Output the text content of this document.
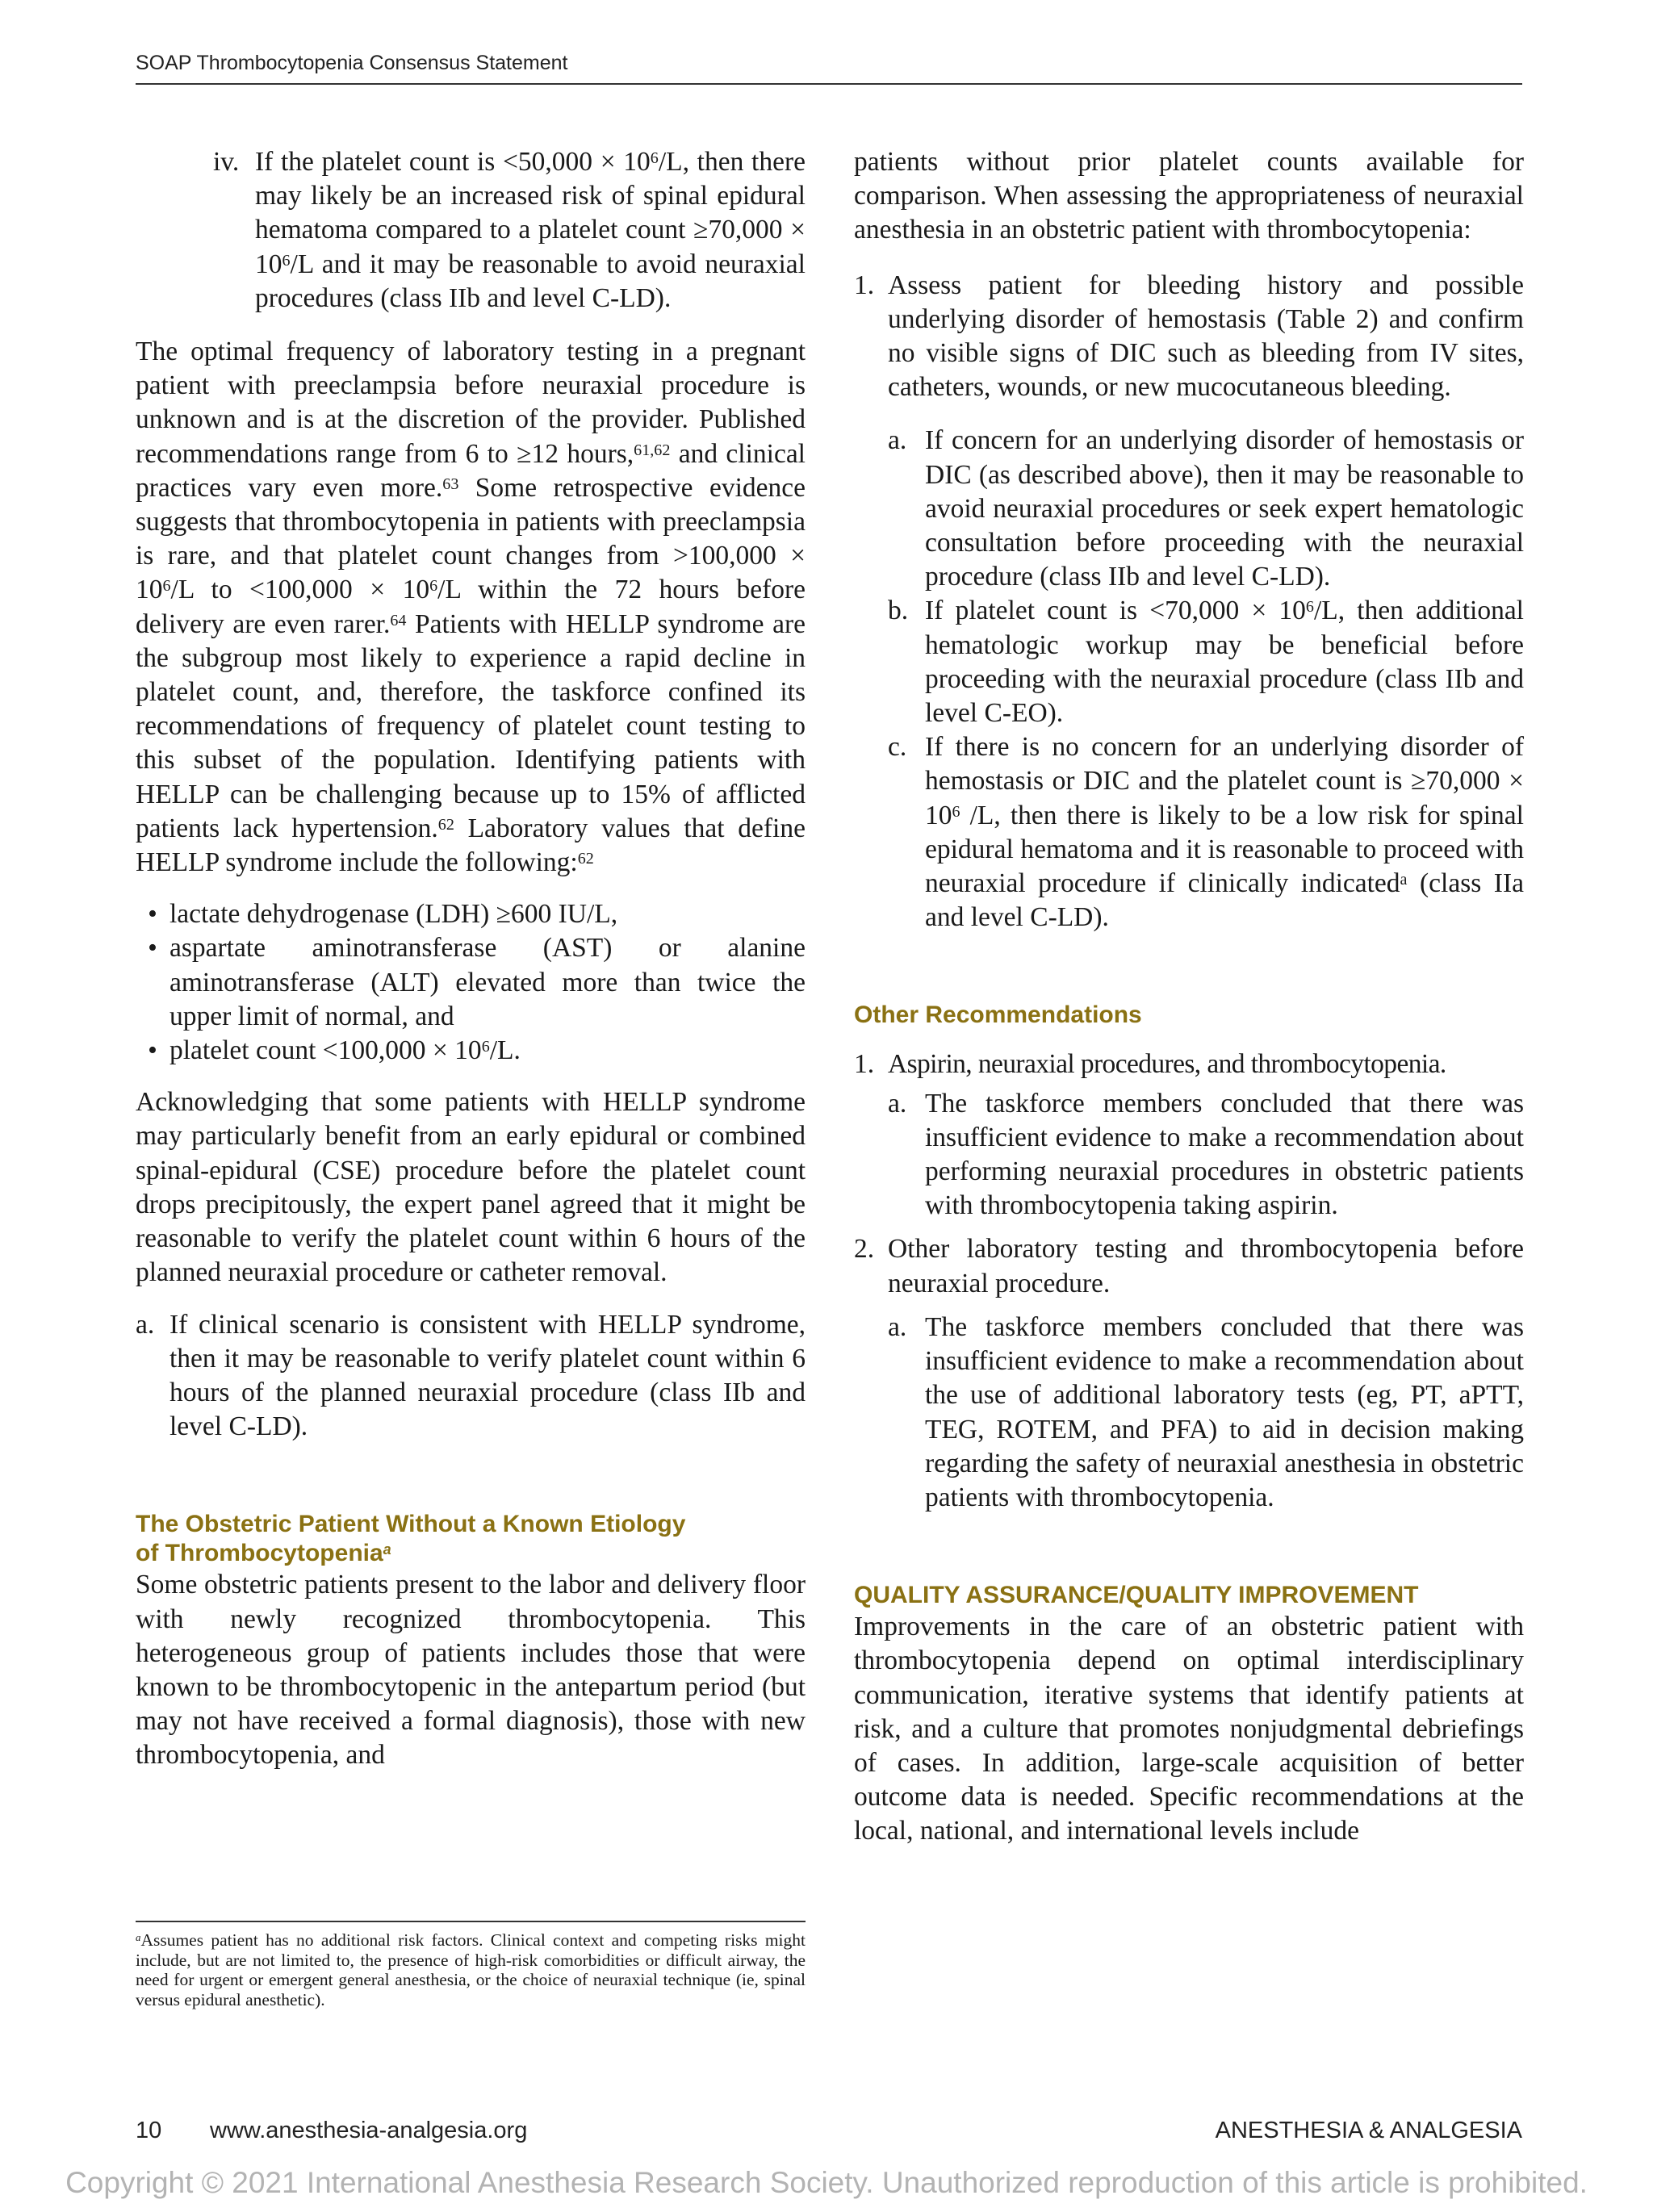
SOAP Thrombocytopenia Consensus Statement
iv. If the platelet count is $<50,000 \times 10^6/L$, then there may likely be an increased risk of spinal epidural hematoma compared to a platelet count $\ge 70,000 \times 10^6/L$ and it may be reasonable to avoid neuraxial procedures (class IIb and level C-LD).

The optimal frequency of laboratory testing in a pregnant patient with preeclampsia before neuraxial procedure is unknown and is at the discretion of the provider. Published recommendations range from 6 to ≥12 hours,$^{61,62}$ and clinical practices vary even more.$^{63}$ Some retrospective evidence suggests that thrombocytopenia in patients with preeclampsia is rare, and that platelet count changes from $>100,000 \times 10^6/L$ to $<100,000 \times 10^6/L$ within the 72 hours before delivery are even rarer.$^{64}$ Patients with HELLP syndrome are the subgroup most likely to experience a rapid decline in platelet count, and, therefore, the taskforce confined its recommendations of frequency of platelet count testing to this subset of the population. Identifying patients with HELLP can be challenging because up to 15% of afflicted patients lack hypertension.$^{62}$ Laboratory values that define HELLP syndrome include the following:$^{62}$

• lactate dehydrogenase (LDH) ≥600 IU/L,
• aspartate aminotransferase (AST) or alanine aminotransferase (ALT) elevated more than twice the upper limit of normal, and
• platelet count $<100,000 \times 10^6/L$.

Acknowledging that some patients with HELLP syndrome may particularly benefit from an early epidural or combined spinal-epidural (CSE) procedure before the platelet count drops precipitously, the expert panel agreed that it might be reasonable to verify the platelet count within 6 hours of the planned neuraxial procedure or catheter removal.

a. If clinical scenario is consistent with HELLP syndrome, then it may be reasonable to verify platelet count within 6 hours of the planned neuraxial procedure (class IIb and level C-LD).
The Obstetric Patient Without a Known Etiology
of Thrombocytopenia$^a$

Some obstetric patients present to the labor and delivery floor with newly recognized thrombocytopenia. This heterogeneous group of patients includes those that were known to be thrombocytopenic in the antepartum period (but may not have received a formal diagnosis), those with new thrombocytopenia, and

$^a$Assumes patient has no additional risk factors. Clinical context and competing risks might include, but are not limited to, the presence of high-risk comorbidities or difficult airway, the need for urgent or emergent general anesthesia, or the choice of neuraxial technique (ie, spinal versus epidural anesthetic).

patients without prior platelet counts available for comparison. When assessing the appropriateness of neuraxial anesthesia in an obstetric patient with thrombocytopenia:

1. Assess patient for bleeding history and possible underlying disorder of hemostasis (Table 2) and confirm no visible signs of DIC such as bleeding from IV sites, catheters, wounds, or new mucocutaneous bleeding.
a. If concern for an underlying disorder of hemostasis or DIC (as described above), then it may be reasonable to avoid neuraxial procedures or seek expert hematologic consultation before proceeding with the neuraxial procedure (class IIb and level C-LD).
b. If platelet count is $<70,000 \times 10^6/L$, then additional hematologic workup may be beneficial before proceeding with the neuraxial procedure (class IIb and level C-EO).
c. If there is no concern for an underlying disorder of hemostasis or DIC and the platelet count is $\ge 70,000 \times 10^6$ /L, then there is likely to be a low risk for spinal epidural hematoma and it is reasonable to proceed with neuraxial procedure if clinically indicated$^a$ (class IIa and level C-LD).
Other Recommendations
1. Aspirin, neuraxial procedures, and thrombocytopenia.
a. The taskforce members concluded that there was insufficient evidence to make a recommendation about performing neuraxial procedures in obstetric patients with thrombocytopenia taking aspirin.
2. Other laboratory testing and thrombocytopenia before neuraxial procedure.
a. The taskforce members concluded that there was insufficient evidence to make a recommendation about the use of additional laboratory tests (eg, PT, aPTT, TEG, ROTEM, and PFA) to aid in decision making regarding the safety of neuraxial anesthesia in obstetric patients with thrombocytopenia.
QUALITY ASSURANCE/QUALITY IMPROVEMENT

Improvements in the care of an obstetric patient with thrombocytopenia depend on optimal interdisciplinary communication, iterative systems that identify patients at risk, and a culture that promotes nonjudgmental debriefings of cases. In addition, large-scale acquisition of better outcome data is needed. Specific recommendations at the local, national, and international levels include

10 www.anesthesia-analgesia.org	ANESTHESIA & ANALGESIA
Copyright © 2021 International Anesthesia Research Society. Unauthorized reproduction of this article is prohibited.
